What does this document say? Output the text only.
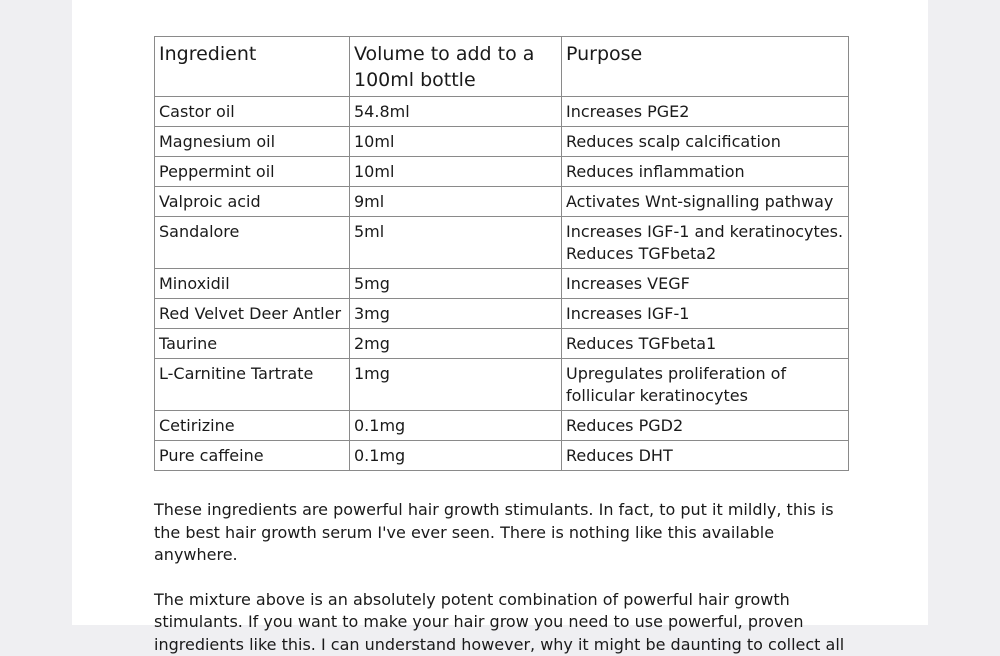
Ingredient	Volume to add to a 100ml bottle	Purpose
Castor oil	54.8ml	Increases PGE2
Magnesium oil	10ml	Reduces scalp calcification
Peppermint oil	10ml	Reduces inflammation
Valproic acid	9ml	Activates Wnt-signalling pathway
Sandalore	5ml	Increases IGF-1 and keratinocytes. Reduces TGFbeta2
Minoxidil	5mg	Increases VEGF
Red Velvet Deer Antler	3mg	Increases IGF-1
Taurine	2mg	Reduces TGFbeta1
L-Carnitine Tartrate	1mg	Upregulates proliferation of follicular keratinocytes
Cetirizine	0.1mg	Reduces PGD2
Pure caffeine	0.1mg	Reduces DHT

These ingredients are powerful hair growth stimulants. In fact, to put it mildly, this is the best hair growth serum I've ever seen. There is nothing like this available anywhere.

The mixture above is an absolutely potent combination of powerful hair growth stimulants. If you want to make your hair grow you need to use powerful, proven ingredients like this. I can understand however, why it might be daunting to collect all
